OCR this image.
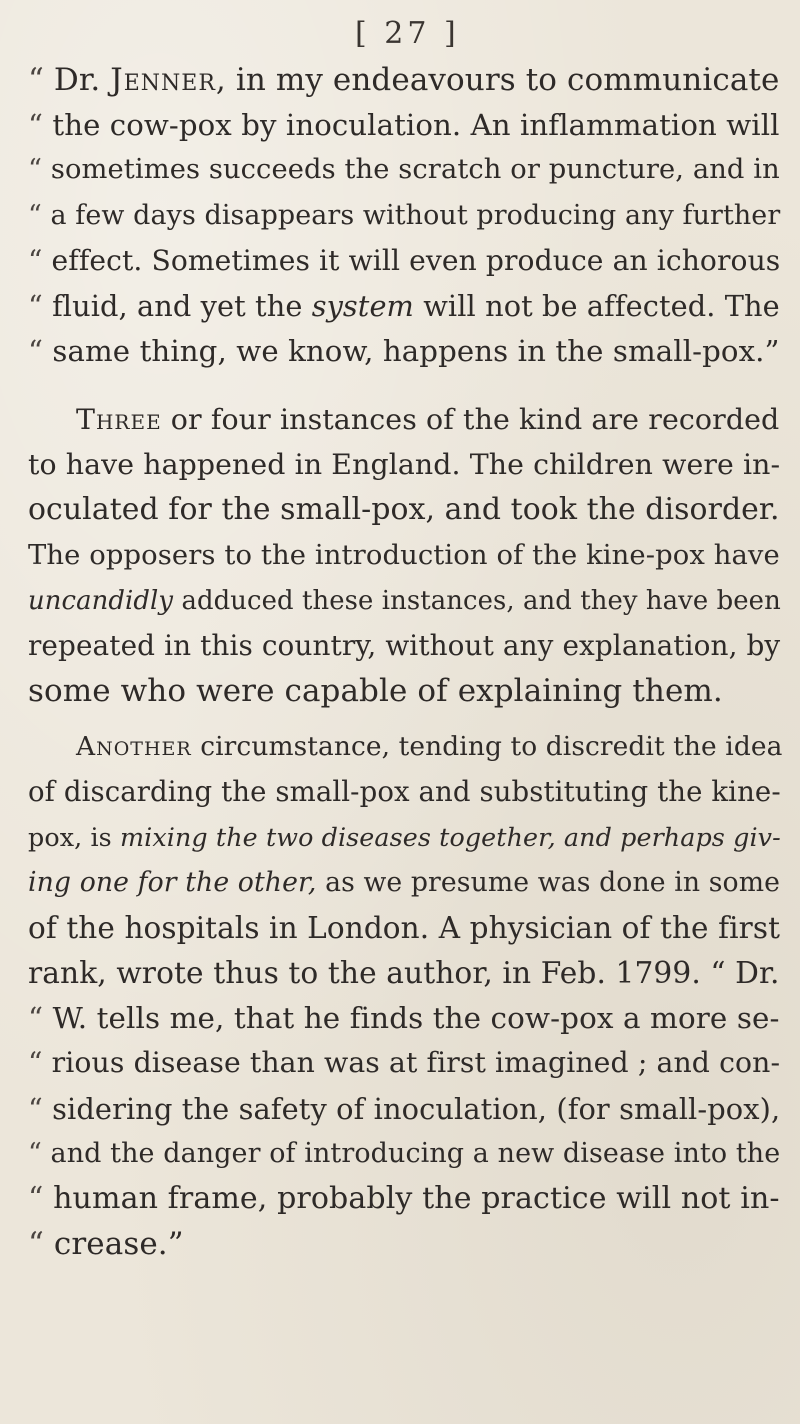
[ 27 ]
“ Dr. Jenner, in my endeavours to communicate
“ the cow-pox by inoculation. An inflammation will
“ sometimes succeeds the scratch or puncture, and in
“ a few days disappears without producing any further
“ effect. Sometimes it will even produce an ichorous
“ fluid, and yet the system will not be affected. The
“ same thing, we know, happens in the small-pox.”
Three or four instances of the kind are recorded
to have happened in England. The children were in-
oculated for the small-pox, and took the disorder.
The opposers to the introduction of the kine-pox have
uncandidly adduced these instances, and they have been
repeated in this country, without any explanation, by
some who were capable of explaining them.
Another circumstance, tending to discredit the idea
of discarding the small-pox and substituting the kine-
pox, is mixing the two diseases together, and perhaps giv-
ing one for the other, as we presume was done in some
of the hospitals in London. A physician of the first
rank, wrote thus to the author, in Feb. 1799. “ Dr.
“ W. tells me, that he finds the cow-pox a more se-
“ rious disease than was at first imagined ; and con-
“ sidering the safety of inoculation, (for small-pox),
“ and the danger of introducing a new disease into the
“ human frame, probably the practice will not in-
“ crease.”
